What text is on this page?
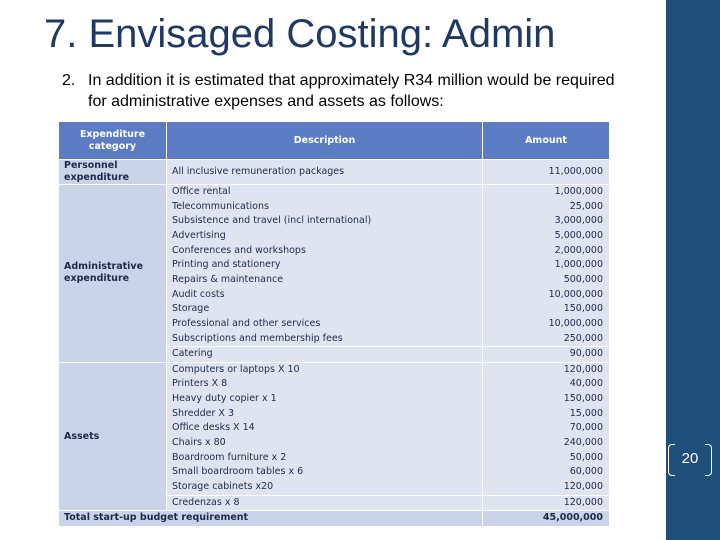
7. Envisaged Costing: Admin
2. In addition it is estimated that approximately R34 million would be required for administrative expenses and assets as follows:
Expenditure category	Description	Amount
Personnel expenditure	All inclusive remuneration packages	11,000,000
Administrative expenditure	Office rental	1,000,000
	Telecommunications	25,000
	Subsistence and travel (incl international)	3,000,000
	Advertising	5,000,000
	Conferences and workshops	2,000,000
	Printing and stationery	1,000,000
	Repairs & maintenance	500,000
	Audit costs	10,000,000
	Storage	150,000
	Professional and other services	10,000,000
	Subscriptions and membership fees	250,000
	Catering	90,000
Assets	Computers or laptops X 10	120,000
	Printers X 8	40,000
	Heavy duty copier x 1	150,000
	Shredder X 3	15,000
	Office desks X 14	70,000
	Chairs x 80	240,000
	Boardroom furniture x 2	50,000
	Small boardroom tables x 6	60,000
	Storage cabinets x20	120,000
	Credenzas x 8	120,000
Total start-up budget requirement		45,000,000
20
